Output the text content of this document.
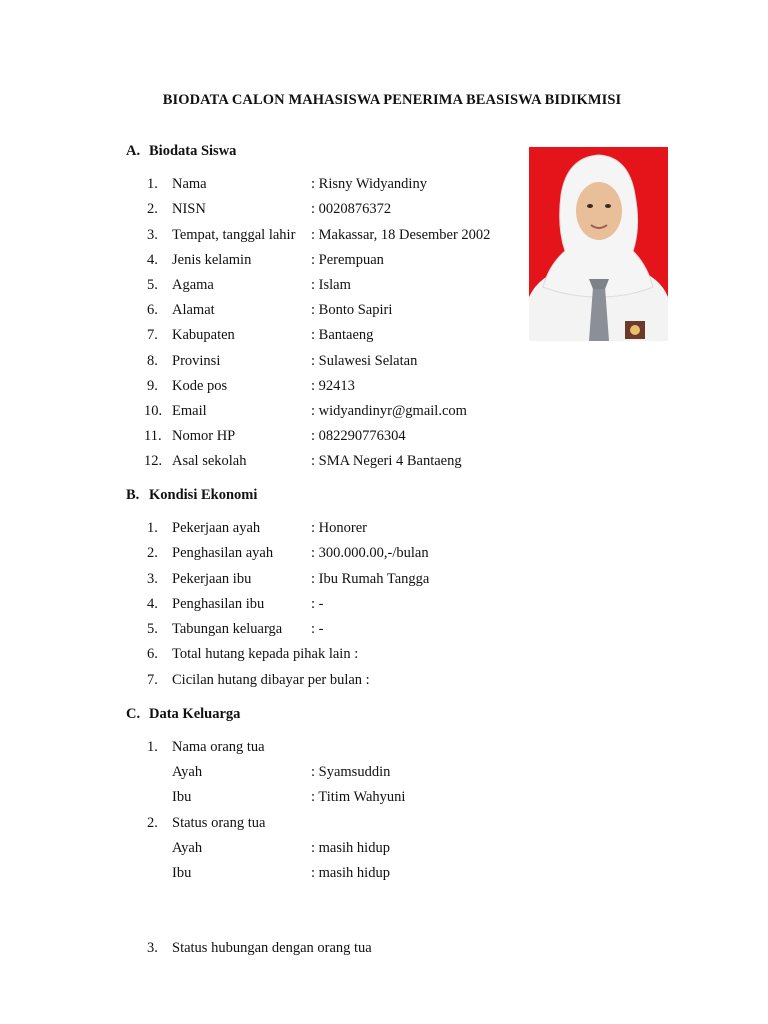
BIODATA CALON MAHASISWA PENERIMA BEASISWA BIDIKMISI
A. Biodata Siswa
1. Nama	: Risny Widyandiny
2. NISN	: 0020876372
3. Tempat, tanggal lahir : Makassar, 18 Desember 2002
4. Jenis kelamin	: Perempuan
5. Agama	: Islam
6. Alamat	: Bonto Sapiri
7. Kabupaten	: Bantaeng
8. Provinsi	: Sulawesi Selatan
9. Kode pos	: 92413
10. Email	: widyandinyr@gmail.com
11. Nomor HP	: 082290776304
12. Asal sekolah	: SMA Negeri 4 Bantaeng
B. Kondisi Ekonomi
1. Pekerjaan ayah	: Honorer
2. Penghasilan ayah	: 300.000.00,-/bulan
3. Pekerjaan ibu	: Ibu Rumah Tangga
4. Penghasilan ibu	: -
5. Tabungan keluarga : -
6. Total hutang kepada pihak lain :
7. Cicilan hutang dibayar per bulan :
C. Data Keluarga
1. Nama orang tua
Ayah	: Syamsuddin
Ibu	: Titim Wahyuni
2. Status orang tua
Ayah	: masih hidup
Ibu	: masih hidup
3. Status hubungan dengan orang tua
